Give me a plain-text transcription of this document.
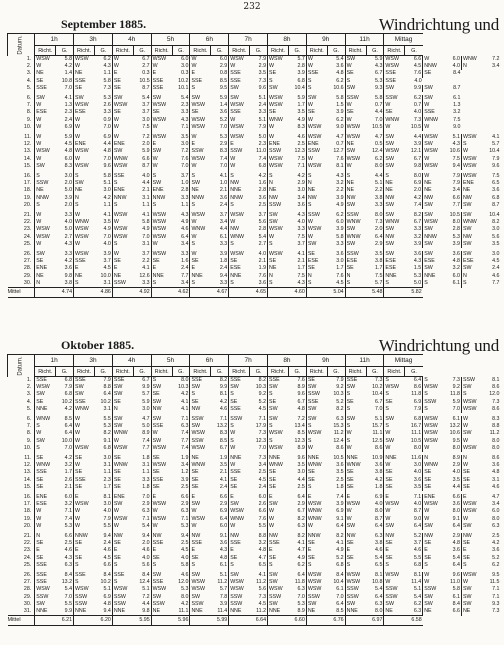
232
September 1885.	Windrichtung und
Datum.	1h		3h		4h		5h		6h		7h		8h		9h		11h		Mittag					
	Richt.	G.	Richt.	G.	Richt.	G.	Richt.	G.	Richt.	G.	Richt.	G.	Richt.	G.	Richt.	G.	Richt.	G.	Richt.	G.				
1.	WSW	5.8	WSW	6.2	W	6.7	WSW	6.0	W	6.0	WSW	7.9	WSW	5.7	W	5.4	SW	5.9	WSW	6.6	W	6.0	WNW	7.2
2.	W	4.2	W	4.3	W	2.7	W	3.0	W	2.9	W	2.9	W	2.8	W	3.6	W	4.3	WSW	4.5	NNW	4.0	N	3.4
3.	NE	1.4	NE	1.1	E	0.3	E	0.3	E	0.8	SSE	3.5	SE	3.9	SSE	4.8	SE	6.7	SSE	7.6	SE	8.4		
4.	SE	10.8	SSE	5.8	SE	10.5	SSE	10.2	SSE	8.5	SSE	7.3	S	6.8	S	6.2	S	5.3	SSE	4.0				
5.	SSE	7.0	SE	7.3	SE	8.7	SSE	10.1	S	9.5	SW	9.6	SW	10.4	S	10.6	SW	9.3	SW	9.9	SW	8.7		

6.	SW	4.1	SW	5.3	SW	5.4	SW	5.4	SW	5.9	SW	5.1	WSW	5.9	SW	5.8	SSW	5.8	SSW	6.2	SW	6.1		
7.	W	1.3	WSW	2.6	WSW	3.7	WSW	2.3	WSW	1.4	WSW	2.4	WSW	1.7	W	1.5	W	0.7	W	0.7	W	1.3		
8.	ESE	2.3	ESE	3.3	SE	3.7	SE	3.3	SE	3.6	SSE	3.3	SE	3.5	SE	3.9	SE	4.4	SE	4.0	SSE	3.2		
9.	W	2.4	W	0.9	W	3.0	WSW	4.3	WSW	5.2	W	5.1	WNW	4.9	W	6.2	W	7.0	WNW	7.3	WNW	7.5		
10.	W	6.9	W	7.0	W	7.5	W	7.1	WSW	7.0	WSW	7.9	W	8.3	WSW	9.0	WSW	10.5	W	10.5	W	9.0		

11.	W	5.9	W	6.9	W	7.2	WSW	3.5	W	5.3	WSW	5.0	W	4.6	WSW	4.7	WSW	4.7	SW	4.4	WSW	5.1	WSW	4.1
12.	W	4.5	ENE	4.4	ENE	2.0	E	3.0	E	2.9	E	2.3	ENE	2.5	ENE	0.7	NE	0.5	SW	3.9	SW	4.3	S	5.7
13.	WSW	4.8	WSW	4.8	SW	5.9	SW	7.2	SSW	8.3	SSW	11.0	SSW	12.3	SSW	12.7	SW	12.4	WSW	12.1	WSW	10.6	W	10.4
14.	W	6.0	W	7.0	WNW	6.6	W	7.6	WSW	7.4	W	7.4	WSW	7.5	W	7.6	WSW	6.2	SW	6.7	W	7.5	WSW	7.9
15.	SW	8.3	WSW	9.6	WSW	8.7	W	7.0	W	7.0	W	6.8	WSW	7.1	WSW	8.1	W	8.0	SW	9.8	WSW	9.4	WSW	9.6

16.	S	3.0	S	5.8	SSE	4.0	S	3.7	S	4.1	S	4.2	S	4.2	S	4.3	S	4.4	S	8.0	W	7.9	WSW	7.5
17.	SSW	2.0	SW	5.1	S	4.4	SW	1.0	SW	1.0	NW	1.6	N	2.9	N	3.2	NE	5.1	NE	6.9	NE	7.9	ENE	6.5
18.	NE	5.0	NE	3.0	ENE	2.1	ENE	2.8	NE	2.1	NNE	2.8	NE	3.0	NE	2.2	NE	2.2	NE	2.0	NE	3.4	NE	3.6
19.	NNW	3.9	N	4.2	NNW	3.1	NNW	3.3	NNW	3.6	NNW	3.6	NW	3.4	NW	3.9	NW	3.8	NW	4.2	NW	6.6	NW	6.8
20.	S	2.0	S	1.1	S	1.1	S	1.1	S	2.4	S	2.5	SSW	3.6	S	4.9	SW	3.3	SW	7.4	SW	7.7	SW	8.7

21.	W	3.3	W	4.1	WSW	4.1	WSW	4.3	WSW	3.7	WSW	3.7	SW	4.3	SSW	6.2	SSW	8.0	SW	8.2	SW	10.5	SW	10.4
22.	W	4.0	WNW	3.5	W	5.8	WSW	4.9	W	3.4	W	5.6	SW	4.0	W	6.0	WNW	7.3	WNW	6.7	WSW	8.0	WNW	8.2
23.	WSW	5.0	WSW	4.9	WSW	4.9	WSW	4.6	WNW	4.4	NW	2.8	WSW	3.3	WSW	3.9	SW	2.0	SW	3.3	SW	2.8	SW	3.0
24.	WSW	2.7	WSW	7.0	WSW	7.0	WSW	6.4	W	6.1	WNW	5.4	W	7.5	W	5.8	WNW	6.4	NW	3.2	NNW	5.3	NW	5.6
25.	W	4.3	W	4.0	S	3.1	W	3.4	S	3.3	S	2.7	S	3.7	SW	3.3	SW	2.9	SW	3.9	SW	3.9	SW	3.5

26.	SW	3.3	WSW	3.9	W	3.7	WSW	3.3	W	3.9	WSW	4.0	WSW	4.1	SE	3.6	SSW	3.5	SW	3.6	SW	3.6	SW	3.0
27.	SE	4.2	SSE	3.7	SE	2.2	SE	1.6	SE	1.8	SE	2.1	SE	2.1	ESE	3.0	ESE	3.8	ESE	4.3	ESE	4.8	ESE	4.5
28.	ENE	3.6	E	4.5	E	4.1	E	2.4	E	2.4	ESE	1.9	NE	1.7	SE	1.7	SE	1.7	ESE	1.5	SW	3.2	SW	2.4
29.	NE	9.8	NE	10.0	NE	12.6	NNE	7.7	NNE	9.4	NNE	7.6	N	7.5	N	7.6	N	7.5	NNE	5.3	NNE	6.0	N	4.6
30.	N	3.8	S	3.1	SSW	3.3	S	3.4	S	3.3	S	3.6	S	4.3	S	4.5	S	5.7	S	5.0	S	6.1	S	7.7
Mittel		4.74		4.86		4.92		4.62		4.67		4.65		4.60		5.04		5.48		5.82				
Oktober 1885.	Windrichtung und
Datum.	1h		3h		4h		5h		6h		7h		8h		9h		11h		Mittag					
	Richt.	G.	Richt.	G.	Richt.	G.	Richt.	G.	Richt.	G.	Richt.	G.	Richt.	G.	Richt.	G.	Richt.	G.	Richt.	G.				
1.	SSE	6.8	SSE	7.9	SSE	6.7	S	8.0	SSE	8.2	SSE	8.2	SSE	7.6	SE	7.9	SSE	7.3	S	6.4	S	7.3	SSW	8.1
2.	WSW	7.9	SW	8.8	SW	9.9	SW	10.3	SW	9.9	SW	10.3	SW	8.9	SW	9.2	SW	10.2	WSW	8.6	WSW	9.2	SW	8.6
3.	SW	6.8	SW	6.4	SW	5.7	SE	4.2	S	8.1	S	9.2	S	9.6	SSW	10.3	S	10.4	S	11.8	S	11.8	S	12.0
4.	SE	10.2	SSE	10.2	SE	5.9	SW	4.1	SE	4.2	SE	5.2	SE	6.7	SSE	5.2	SE	6.7	SE	6.9	SSW	5.9	WSW	7.3
5.	NNE	4.2	WNW	3.1	N	3.0	NW	4.1	NW	4.6	SSE	4.5	SW	4.8	SW	8.2	S	7.0	S	7.9	S	7.0	WSW	8.6

6.	WNW	8.5	W	5.5	SW	4.7	SW	7.1	SSW	7.1	SSW	7.1	SW	7.2	SW	6.3	SW	5.1	SW	6.8	WSW	6.1	W	8.3
7.	S	6.4	W	5.3	SW	5.0	SSE	6.3	SW	13.2	S	17.9	S	13.4	S	15.3	S	15.7	S	16.7	WSW	13.2	W	8.8
8.	W	6.4	W	8.2	WNW	8.9	W	7.4	WSW	8.3	W	7.3	WSW	8.5	WSW	11.2	W	11.1	W	11.1	WSW	10.6	SW	11.2
9.	SW	10.0	W	9.1	W	7.4	SW	7.7	SSW	8.5	S	12.3	S	12.3	S	12.4	S	12.5	SW	10.5	WSW	9.5	W	8.0
10.	S	7.0	WSW	6.8	WSW	7.7	WSW	7.4	WSW	6.7	W	7.0	WSW	8.9	W	8.6	W	8.6	W	8.0	W	8.0	WSW	8.0

11.	SE	4.2	SE	3.0	SE	1.8	SE	1.9	NE	1.9	NNE	7.3	NNE	9.6	NNE	10.5	NNE	10.9	NNE	11.6	N	8.9	N	8.6
12.	WNW	3.2	W	3.1	WNW	3.1	WSW	3.4	WNW	3.5	W	3.4	WNW	3.5	WNW	3.6	WNW	3.6	W	3.0	WNW	2.9	W	3.6
13.	SSE	1.7	SE	1.1	SE	1.1	SE	1.2	SE	2.1	SSE	2.5	SE	3.0	SE	3.5	SE	3.8	SE	4.0	SE	4.0	SE	4.8
14.	SE	2.6	SSE	2.3	SE	3.3	SSE	3.9	SE	4.1	SE	4.5	SE	4.4	SE	2.5	SE	4.2	SE	3.6	SE	3.5	SE	3.1
15.	SE	2.1	SE	1.7	SE	1.8	SE	2.5	SE	2.4	SE	2.4	SE	2.5	S	1.8	SE	1.8	SE	3.5	SE	4.4	SE	4.6

16.	ENE	6.0	E	8.1	ENE	7.0	E	6.6	E	6.6	E	6.0	E	6.4	E	7.4	E	6.9	E	7.1	ENE	6.6	E	4.7
17.	ESE	3.2	WSW	3.0	SW	2.9	WSW	2.9	SW	2.9	SW	2.6	SW	2.9	WSW	3.9	WSW	4.0	WSW	4.0	WSW	3.6	WSW	3.4
18.	W	7.1	W	4.0	W	6.3	W	6.3	W	6.9	WSW	6.6	W	6.7	WNW	6.9	W	8.0	W	8.7	W	8.0	WSW	6.0
19.	W	7.4	W	7.9	WSW	7.1	WSW	7.1	WSW	6.4	WNW	7.6	W	8.2	WNW	9.1	W	8.7	W	9.0	W	9.1	W	8.0
20.	W	5.3	W	5.5	W	5.4	W	5.3	W	6.0	W	5.5	W	6.3	W	6.4	SW	6.4	SW	6.4	SW	6.4	SW	6.3

21.	N	6.6	NNW	9.4	NW	9.4	NW	9.4	NW	9.1	NW	8.8	NW	8.2	NNW	8.2	NW	6.3	NW	5.2	NW	2.9	NW	2.5
22.	SE	2.5	SE	2.4	SE	2.0	SSE	2.5	SSE	3.6	SSE	3.2	SSE	4.1	SE	4.1	SE	3.8	SE	3.7	SE	4.8	SE	4.2
23.	E	4.6	E	4.6	E	4.6	E	4.5	E	4.3	E	4.8	E	4.7	E	4.9	E	4.6	E	4.6	E	3.6	E	3.6
24.	SE	4.3	SE	4.5	SE	4.0	SE	4.0	SE	4.8	SE	4.7	SE	4.9	SE	5.2	SE	5.4	SE	5.5	SE	5.4	SE	5.2
25.	SSE	6.3	S	6.6	S	5.6	S	5.8	S	6.1	S	6.5	S	6.2	S	6.8	S	6.5	S	6.8	S	6.4	S	6.2

26.	SSE	8.4	SSE	8.4	SSE	8.4	SW	4.6	SW	5.1	SW	4.1	SW	6.4	WSW	8.4	WSW	8.1	WSW	8.1	W	9.6	WSW	9.5
27.	SSE	13.2	S	10.2	S	12.4	SSE	12.0	WSW	11.2	WSW	11.2	SW	11.8	WSW	10.4	WSW	10.8	W	11.4	W	11.0	W	11.5
28.	WSW	5.4	WSW	5.1	WSW	5.1	WSW	5.3	WSW	5.7	WSW	5.6	WSW	6.3	WSW	6.1	SSW	5.4	SSW	5.1	SSW	5.8	SW	7.1
29.	SSW	7.0	SSW	6.9	SSW	7.2	SW	8.0	SW	7.8	SSW	7.3	SSW	7.0	SSW	7.0	SSW	6.4	SSW	5.4	SW	6.1	SW	7.1
30.	SW	5.5	SSW	4.8	SSW	4.4	SSW	4.2	SSW	3.9	SSW	4.5	SW	5.3	SW	6.4	SW	6.3	SW	6.2	SW	8.4	SW	9.3
31.	NNE	9.9	NNE	9.4	NNE	9.8	NE	11.1	NNE	11.4	NNE	11.2	NNE	8.9	NE	8.5	NNE	8.0	NE	6.3	NE	6.6	NE	7.3
Mittel		6.21		6.20		5.95		5.96		5.99		6.64		6.60		6.76		6.97		6.58				
